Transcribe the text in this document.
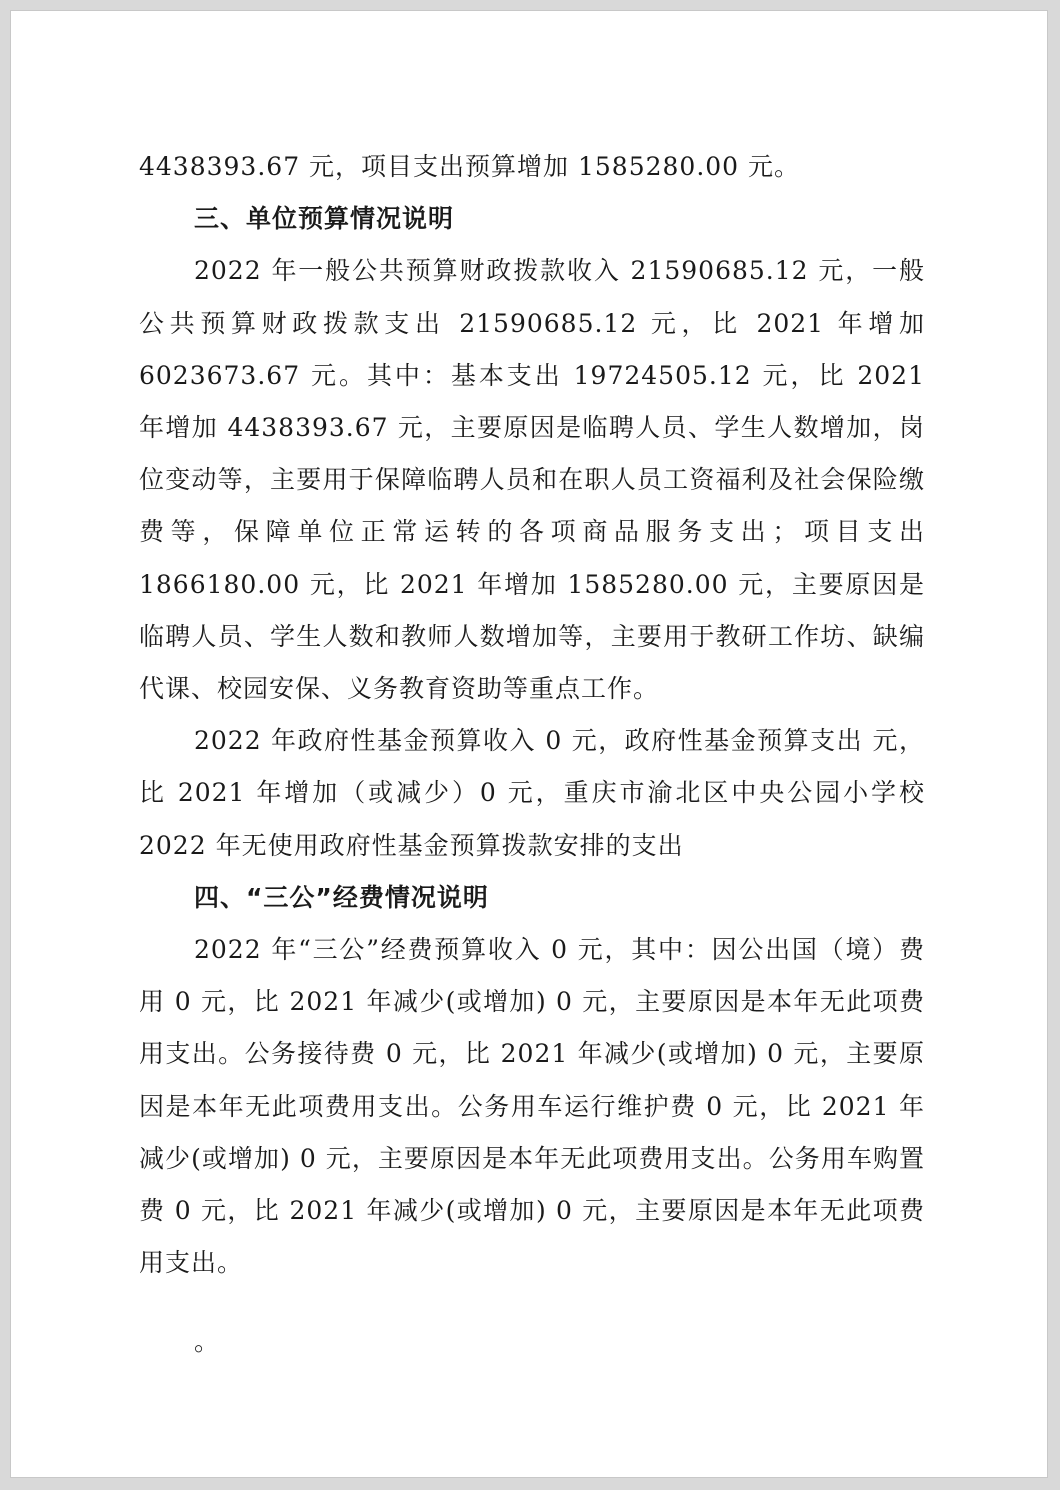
4438393.67 元，项目支出预算增加 1585280.00 元。

三、单位预算情况说明

2022 年一般公共预算财政拨款收入 21590685.12 元，一般公共预算财政拨款支出 21590685.12 元，比 2021 年增加 6023673.67 元。其中：基本支出 19724505.12 元，比 2021 年增加 4438393.67 元，主要原因是临聘人员、学生人数增加，岗位变动等，主要用于保障临聘人员和在职人员工资福利及社会保险缴费等，保障单位正常运转的各项商品服务支出；项目支出 1866180.00 元，比 2021 年增加 1585280.00 元，主要原因是临聘人员、学生人数和教师人数增加等，主要用于教研工作坊、缺编代课、校园安保、义务教育资助等重点工作。

2022 年政府性基金预算收入 0 元，政府性基金预算支出 元，比 2021 年增加（或减少）0 元，重庆市渝北区中央公园小学校 2022 年无使用政府性基金预算拨款安排的支出

四、“三公”经费情况说明

2022 年“三公”经费预算收入 0 元，其中：因公出国（境）费用 0 元，比 2021 年减少(或增加) 0 元，主要原因是本年无此项费用支出。公务接待费 0 元，比 2021 年减少(或增加) 0 元，主要原因是本年无此项费用支出。公务用车运行维护费 0 元，比 2021 年减少(或增加) 0 元，主要原因是本年无此项费用支出。公务用车购置费 0 元，比 2021 年减少(或增加) 0 元，主要原因是本年无此项费用支出。

。
